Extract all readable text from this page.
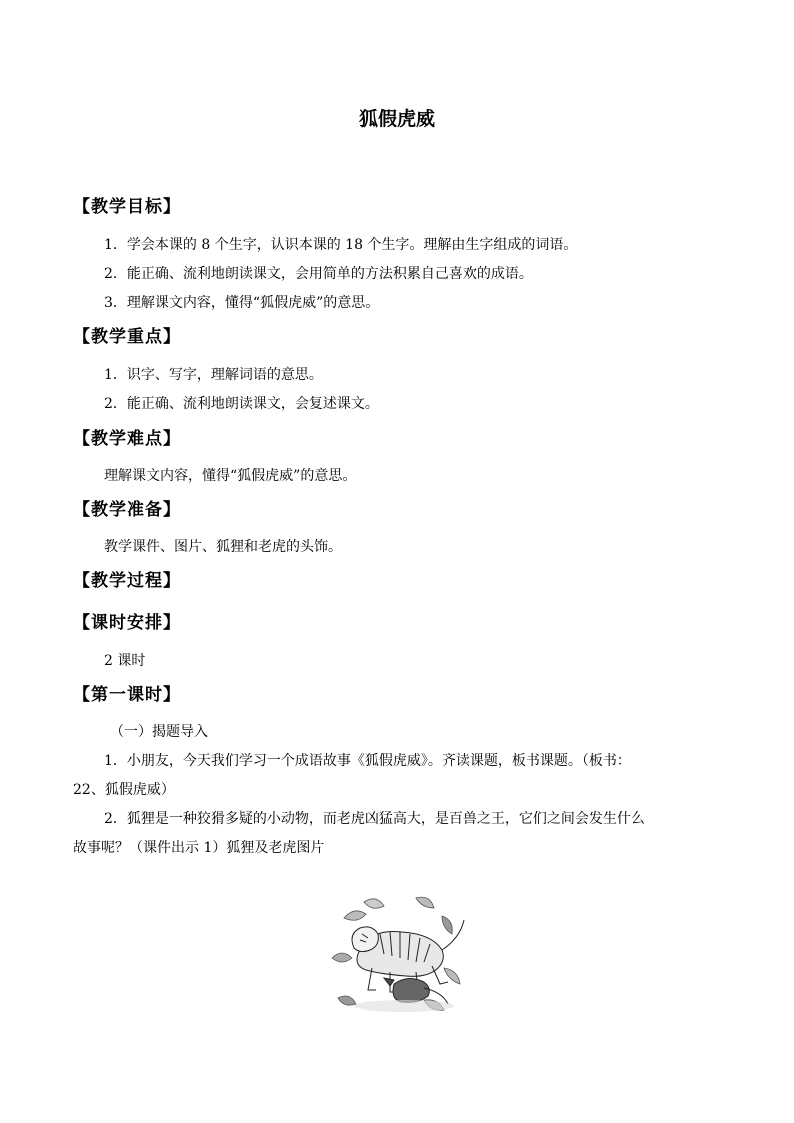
狐假虎威
【教学目标】
1．学会本课的 8 个生字，认识本课的 18 个生字。理解由生字组成的词语。
2．能正确、流利地朗读课文，会用简单的方法积累自己喜欢的成语。
3．理解课文内容，懂得“狐假虎威”的意思。
【教学重点】
1．识字、写字，理解词语的意思。
2．能正确、流利地朗读课文，会复述课文。
【教学难点】
理解课文内容，懂得“狐假虎威”的意思。
【教学准备】
教学课件、图片、狐狸和老虎的头饰。
【教学过程】
【课时安排】
2 课时
【第一课时】
（一）揭题导入
1．小朋友，今天我们学习一个成语故事《狐假虎威》。齐读课题，板书课题。（板书：
22、狐假虎威）
2．狐狸是一种狡猾多疑的小动物，而老虎凶猛高大，是百兽之王，它们之间会发生什么
故事呢？（课件出示 1）狐狸及老虎图片
